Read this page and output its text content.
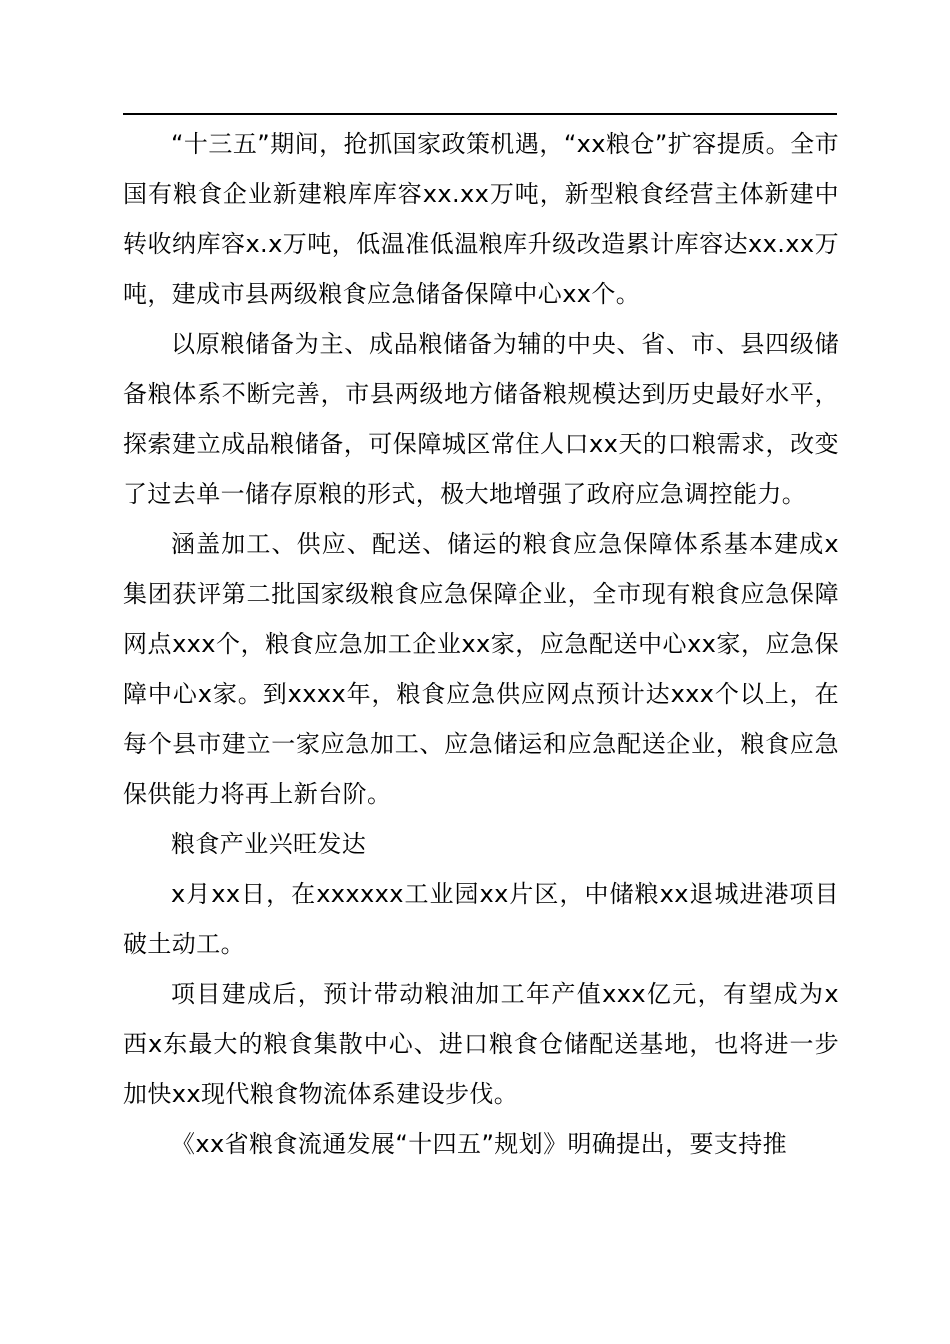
“十三五”期间，抢抓国家政策机遇，“xx粮仓”扩容提质。全市国有粮食企业新建粮库库容xx.xx万吨，新型粮食经营主体新建中转收纳库容x.x万吨，低温准低温粮库升级改造累计库容达xx.xx万吨，建成市县两级粮食应急储备保障中心xx个。

以原粮储备为主、成品粮储备为辅的中央、省、市、县四级储备粮体系不断完善，市县两级地方储备粮规模达到历史最好水平，探索建立成品粮储备，可保障城区常住人口xx天的口粮需求，改变了过去单一储存原粮的形式，极大地增强了政府应急调控能力。

涵盖加工、供应、配送、储运的粮食应急保障体系基本建成x集团获评第二批国家级粮食应急保障企业，全市现有粮食应急保障网点xxx个，粮食应急加工企业xx家，应急配送中心xx家，应急保障中心x家。到xxxx年，粮食应急供应网点预计达xxx个以上，在每个县市建立一家应急加工、应急储运和应急配送企业，粮食应急保供能力将再上新台阶。

粮食产业兴旺发达

x月xx日，在xxxxxx工业园xx片区，中储粮xx退城进港项目破土动工。

项目建成后，预计带动粮油加工年产值xxx亿元，有望成为x西x东最大的粮食集散中心、进口粮食仓储配送基地，也将进一步加快xx现代粮食物流体系建设步伐。

《xx省粮食流通发展“十四五”规划》明确提出，要支持推
